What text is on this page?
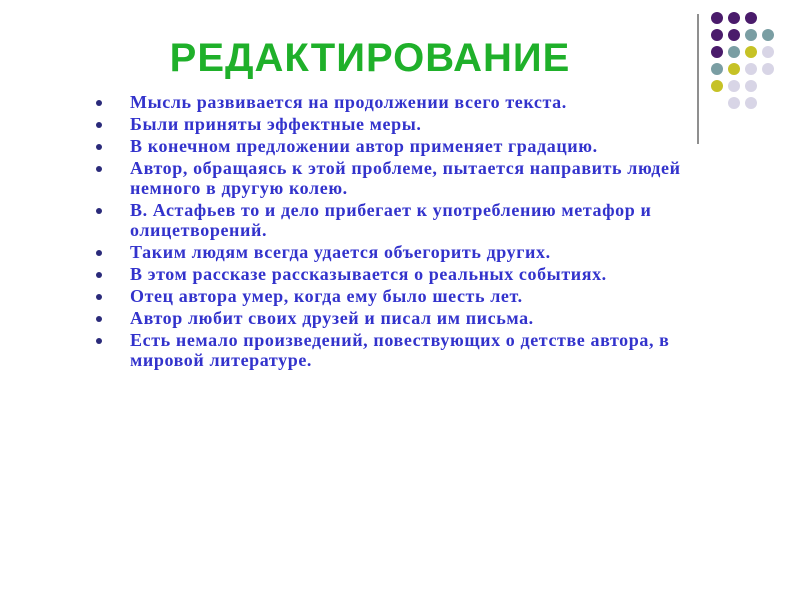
РЕДАКТИРОВАНИЕ
Мысль развивается на продолжении всего текста.
Были приняты эффектные меры.
В конечном предложении автор применяет градацию.
Автор, обращаясь к этой проблеме, пытается направить людей немного в другую колею.
В. Астафьев то и дело прибегает к употреблению метафор и олицетворений.
Таким людям всегда удается объегорить других.
В этом рассказе рассказывается о реальных событиях.
Отец автора умер, когда ему было шесть лет.
Автор любит своих друзей и писал им письма.
Есть немало произведений, повествующих о детстве автора, в мировой литературе.
